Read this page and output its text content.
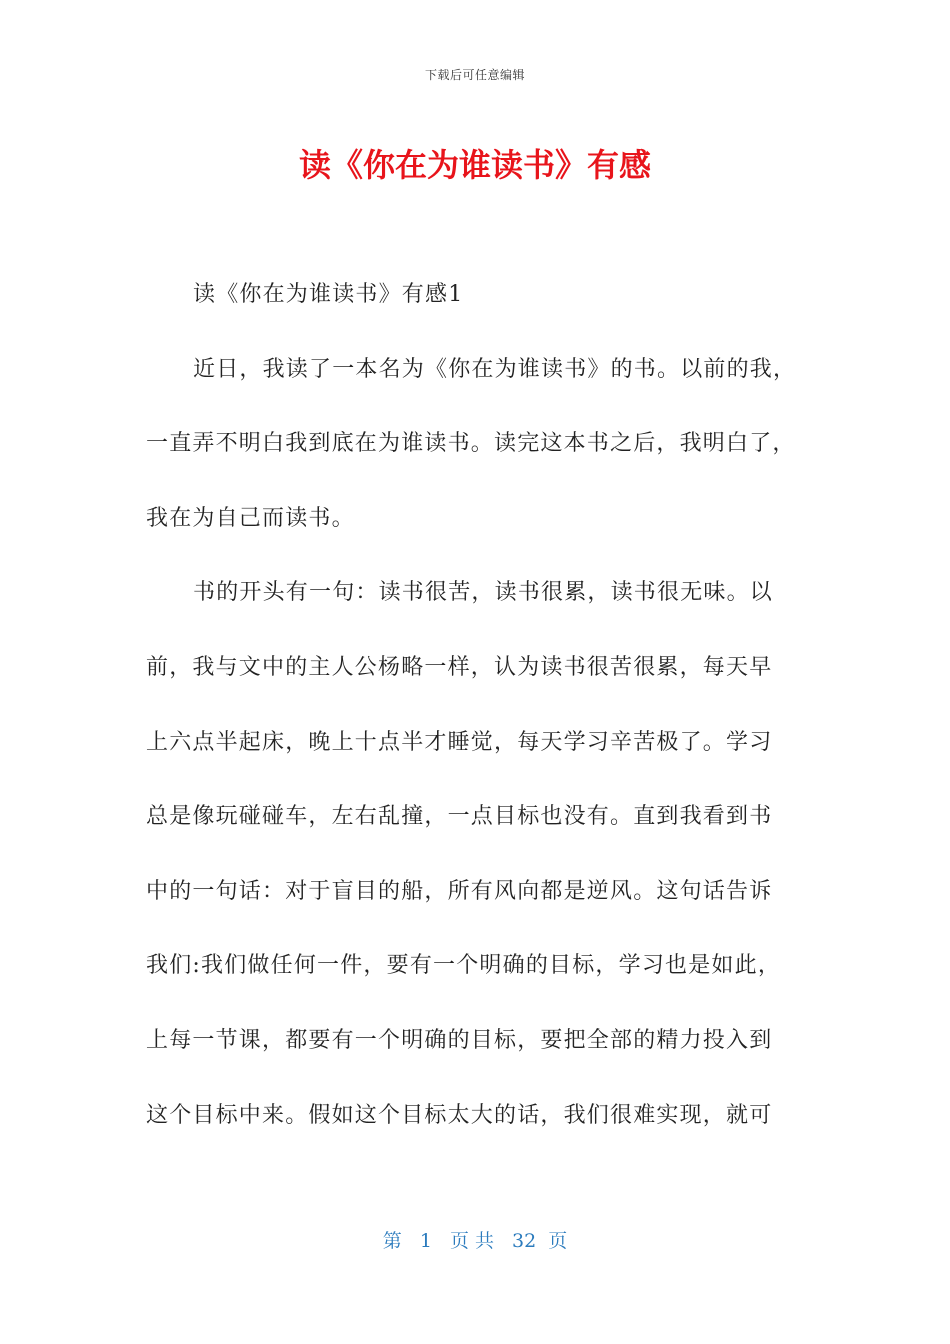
下载后可任意编辑
读《你在为谁读书》有感
读《你在为谁读书》有感1
近日，我读了一本名为《你在为谁读书》的书。以前的我，
一直弄不明白我到底在为谁读书。读完这本书之后，我明白了，
我在为自己而读书。
书的开头有一句：读书很苦，读书很累，读书很无味。以
前，我与文中的主人公杨略一样，认为读书很苦很累，每天早
上六点半起床，晚上十点半才睡觉，每天学习辛苦极了。学习
总是像玩碰碰车，左右乱撞，一点目标也没有。直到我看到书
中的一句话：对于盲目的船，所有风向都是逆风。这句话告诉
我们:我们做任何一件，要有一个明确的目标，学习也是如此，
上每一节课，都要有一个明确的目标，要把全部的精力投入到
这个目标中来。假如这个目标太大的话，我们很难实现，就可
第 1 页 共 32 页
